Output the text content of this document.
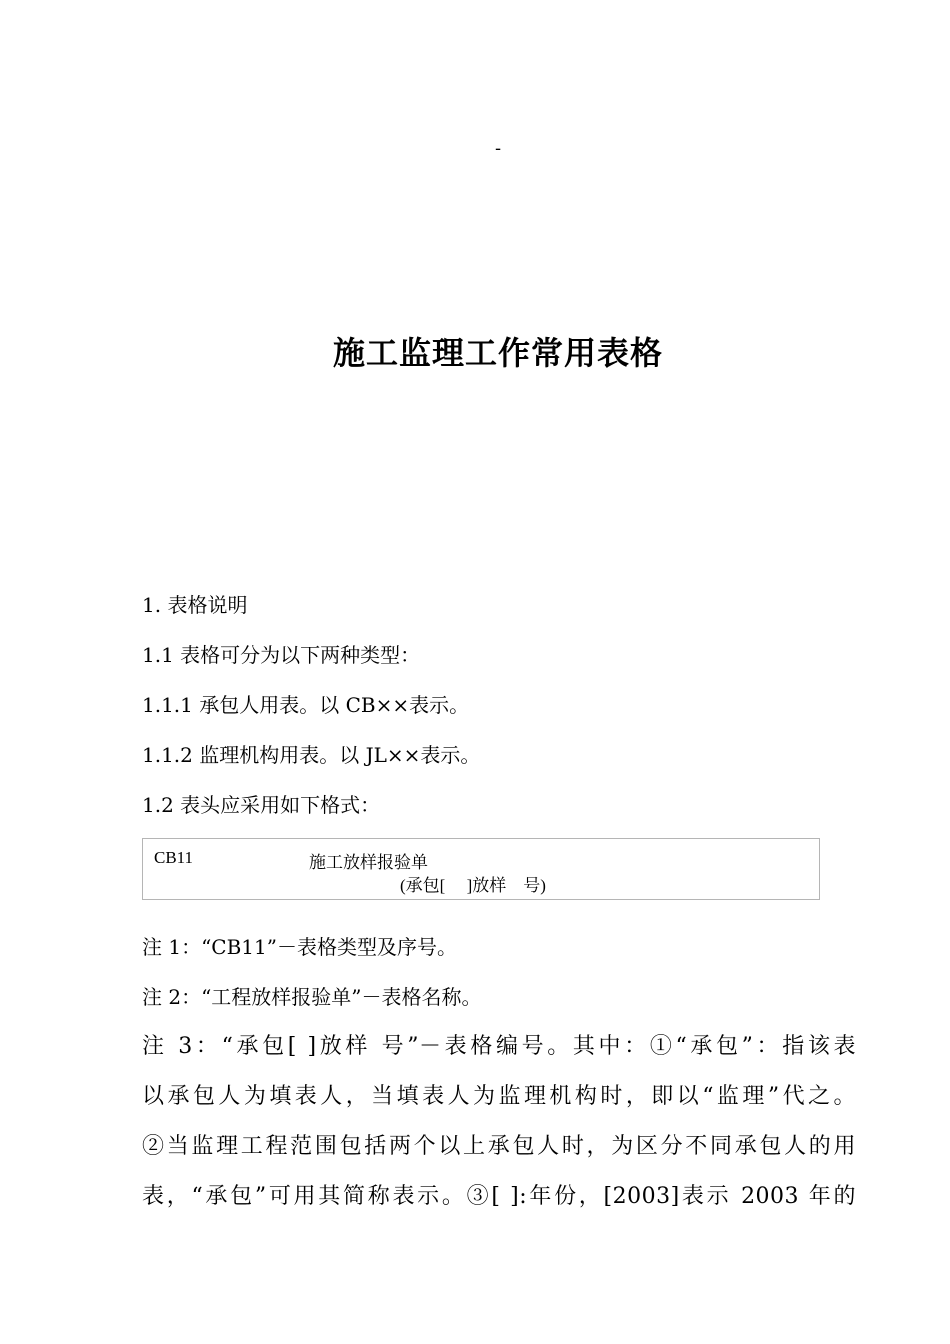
-
施工监理工作常用表格
1. 表格说明
1.1 表格可分为以下两种类型：
1.1.1 承包人用表。以 CB××表示。
1.1.2 监理机构用表。以 JL××表示。
1.2 表头应采用如下格式：
CB11	施工放样报验单
(承包[     ]放样    号)
注 1：“CB11”－表格类型及序号。
注 2：“工程放样报验单”－表格名称。
注 3：“承包[ ]放样 号”－表格编号。其中：①“承包”：指该表
以承包人为填表人，当填表人为监理机构时，即以“监理”代之。
②当监理工程范围包括两个以上承包人时，为区分不同承包人的用
表，“承包”可用其简称表示。③[ ]:年份，[2003]表示 2003 年的
